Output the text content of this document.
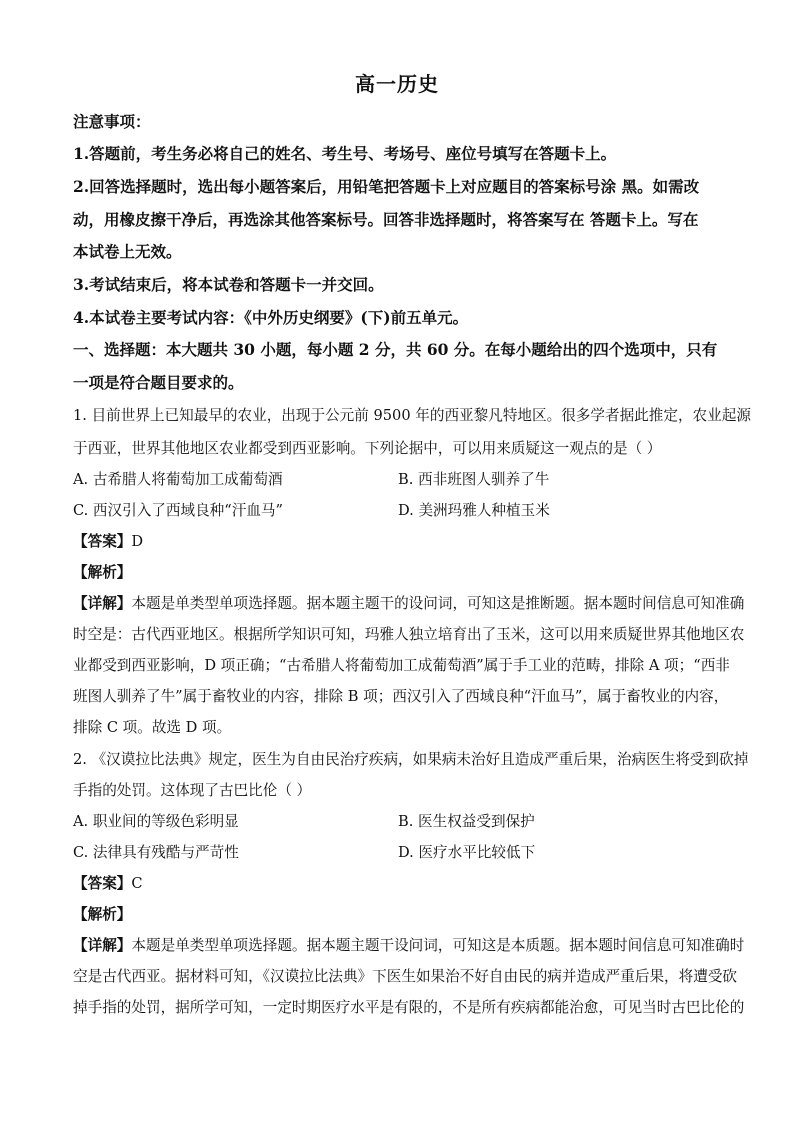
高一历史
注意事项：
1.答题前，考生务必将自己的姓名、考生号、考场号、座位号填写在答题卡上。
2.回答选择题时，选出每小题答案后，用铅笔把答题卡上对应题目的答案标号涂 黑。如需改
动，用橡皮擦干净后，再选涂其他答案标号。回答非选择题时，将答案写在 答题卡上。写在
本试卷上无效。
3.考试结束后，将本试卷和答题卡一并交回。
4.本试卷主要考试内容：《中外历史纲要》(下)前五单元。
一、选择题：本大题共 30 小题，每小题 2 分，共 60 分。在每小题给出的四个选项中，只有
一项是符合题目要求的。
1. 目前世界上已知最早的农业，出现于公元前 9500 年的西亚黎凡特地区。很多学者据此推定，农业起源
于西亚，世界其他地区农业都受到西亚影响。下列论据中，可以用来质疑这一观点的是（ ）
A. 古希腊人将葡萄加工成葡萄酒	B. 西非班图人驯养了牛
C. 西汉引入了西域良种“汗血马”	D. 美洲玛雅人种植玉米
【答案】D
【解析】
【详解】本题是单类型单项选择题。据本题主题干的设问词，可知这是推断题。据本题时间信息可知准确
时空是：古代西亚地区。根据所学知识可知，玛雅人独立培育出了玉米，这可以用来质疑世界其他地区农
业都受到西亚影响，D 项正确；“古希腊人将葡萄加工成葡萄酒”属于手工业的范畴，排除 A 项；“西非
班图人驯养了牛”属于畜牧业的内容，排除 B 项；西汉引入了西域良种“汗血马”，属于畜牧业的内容，
排除 C 项。故选 D 项。
2. 《汉谟拉比法典》规定，医生为自由民治疗疾病，如果病未治好且造成严重后果，治病医生将受到砍掉
手指的处罚。这体现了古巴比伦（ ）
A. 职业间的等级色彩明显	B. 医生权益受到保护
C. 法律具有残酷与严苛性	D. 医疗水平比较低下
【答案】C
【解析】
【详解】本题是单类型单项选择题。据本题主题干设问词，可知这是本质题。据本题时间信息可知准确时
空是古代西亚。据材料可知，《汉谟拉比法典》下医生如果治不好自由民的病并造成严重后果，将遭受砍
掉手指的处罚，据所学可知，一定时期医疗水平是有限的，不是所有疾病都能治愈，可见当时古巴比伦的
